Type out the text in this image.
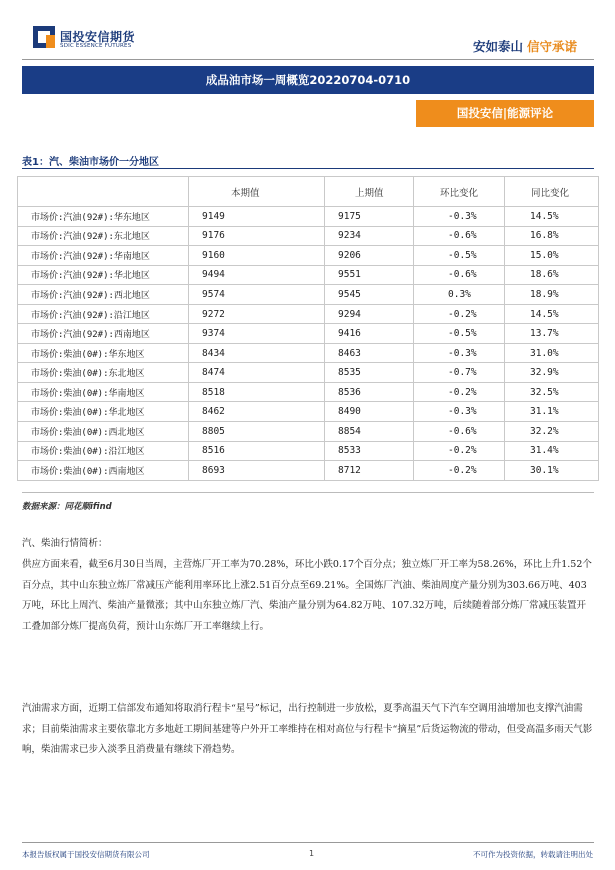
国投安信期货
SDIC ESSENCE FUTURES	安如泰山 信守承诺
成品油市场一周概览20220704-0710
国投安信|能源评论
表1：汽、柴油市场价一分地区
	本期值	上期值	环比变化	同比变化
市场价:汽油(92#):华东地区	9149	9175	-0.3%	14.5%
市场价:汽油(92#):东北地区	9176	9234	-0.6%	16.8%
市场价:汽油(92#):华南地区	9160	9206	-0.5%	15.0%
市场价:汽油(92#):华北地区	9494	9551	-0.6%	18.6%
市场价:汽油(92#):西北地区	9574	9545	0.3%	18.9%
市场价:汽油(92#):沿江地区	9272	9294	-0.2%	14.5%
市场价:汽油(92#):西南地区	9374	9416	-0.5%	13.7%
市场价:柴油(0#):华东地区	8434	8463	-0.3%	31.0%
市场价:柴油(0#):东北地区	8474	8535	-0.7%	32.9%
市场价:柴油(0#):华南地区	8518	8536	-0.2%	32.5%
市场价:柴油(0#):华北地区	8462	8490	-0.3%	31.1%
市场价:柴油(0#):西北地区	8805	8854	-0.6%	32.2%
市场价:柴油(0#):沿江地区	8516	8533	-0.2%	31.4%
市场价:柴油(0#):西南地区	8693	8712	-0.2%	30.1%
数据来源：同花顺ifind
汽、柴油行情简析：
供应方面来看，截至6月30日当周，主营炼厂开工率为70.28%，环比小跌0.17个百分点；独立炼厂开工率为58.26%，环比上升1.52个百分点，其中山东独立炼厂常减压产能利用率环比上涨2.51百分点至69.21%。全国炼厂汽油、柴油周度产量分别为303.66万吨、403万吨，环比上周汽、柴油产量微涨；其中山东独立炼厂汽、柴油产量分别为64.82万吨、107.32万吨，后续随着部分炼厂常减压装置开工叠加部分炼厂提高负荷，预计山东炼厂开工率继续上行。
汽油需求方面，近期工信部发布通知将取消行程卡“星号”标记，出行控制进一步放松，夏季高温天气下汽车空调用油增加也支撑汽油需求；目前柴油需求主要依靠北方多地赶工期间基建等户外开工率维持在相对高位与行程卡“摘星”后货运物流的带动，但受高温多雨天气影响，柴油需求已步入淡季且消费量有继续下滑趋势。
本报告版权属于国投安信期货有限公司	1	不可作为投资依据，转载请注明出处
